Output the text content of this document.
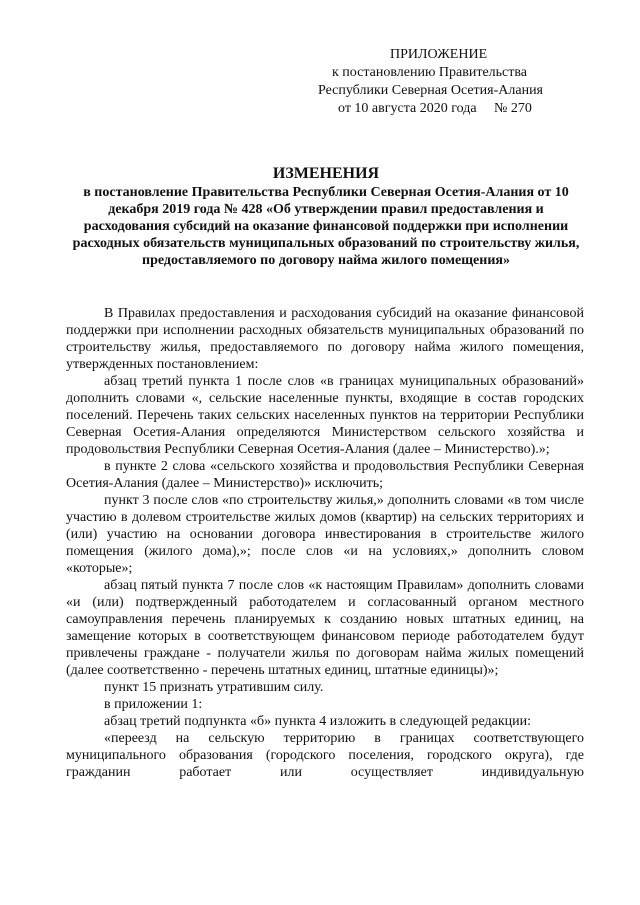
ПРИЛОЖЕНИЕ
к постановлению Правительства
Республики Северная Осетия-Алания
от 10 августа 2020 года     № 270
ИЗМЕНЕНИЯ
в постановление Правительства Республики Северная Осетия-Алания от 10 декабря 2019 года № 428 «Об утверждении правил предоставления и расходования субсидий на оказание финансовой поддержки при исполнении расходных обязательств муниципальных образований по строительству жилья, предоставляемого по договору найма жилого помещения»

В Правилах предоставления и расходования субсидий на оказание финансовой поддержки при исполнении расходных обязательств муниципальных образований по строительству жилья, предоставляемого по договору найма жилого помещения, утвержденных постановлением:

абзац третий пункта 1 после слов «в границах муниципальных образований» дополнить словами «, сельские населенные пункты, входящие в состав городских поселений. Перечень таких сельских населенных пунктов на территории Республики Северная Осетия-Алания определяются Министерством сельского хозяйства и продовольствия Республики Северная Осетия-Алания (далее – Министерство).»;

в пункте 2 слова «сельского хозяйства и продовольствия Республики Северная Осетия-Алания (далее – Министерство)» исключить;

пункт 3 после слов «по строительству жилья,» дополнить словами «в том числе участию в долевом строительстве жилых домов (квартир) на сельских территориях и (или) участию на основании договора инвестирования в строительстве жилого помещения (жилого дома),»; после слов «и на условиях,» дополнить словом «которые»;

абзац пятый пункта 7 после слов «к настоящим Правилам» дополнить словами «и (или) подтвержденный работодателем и согласованный органом местного самоуправления перечень планируемых к созданию новых штатных единиц, на замещение которых в соответствующем финансовом периоде работодателем будут привлечены граждане - получатели жилья по договорам найма жилых помещений (далее соответственно - перечень штатных единиц, штатные единицы)»;

пункт 15 признать утратившим силу.

в приложении 1:

абзац третий подпункта «б» пункта 4 изложить в следующей редакции:

«переезд на сельскую территорию в границах соответствующего муниципального образования (городского поселения, городского округа), где гражданин работает или осуществляет индивидуальную
